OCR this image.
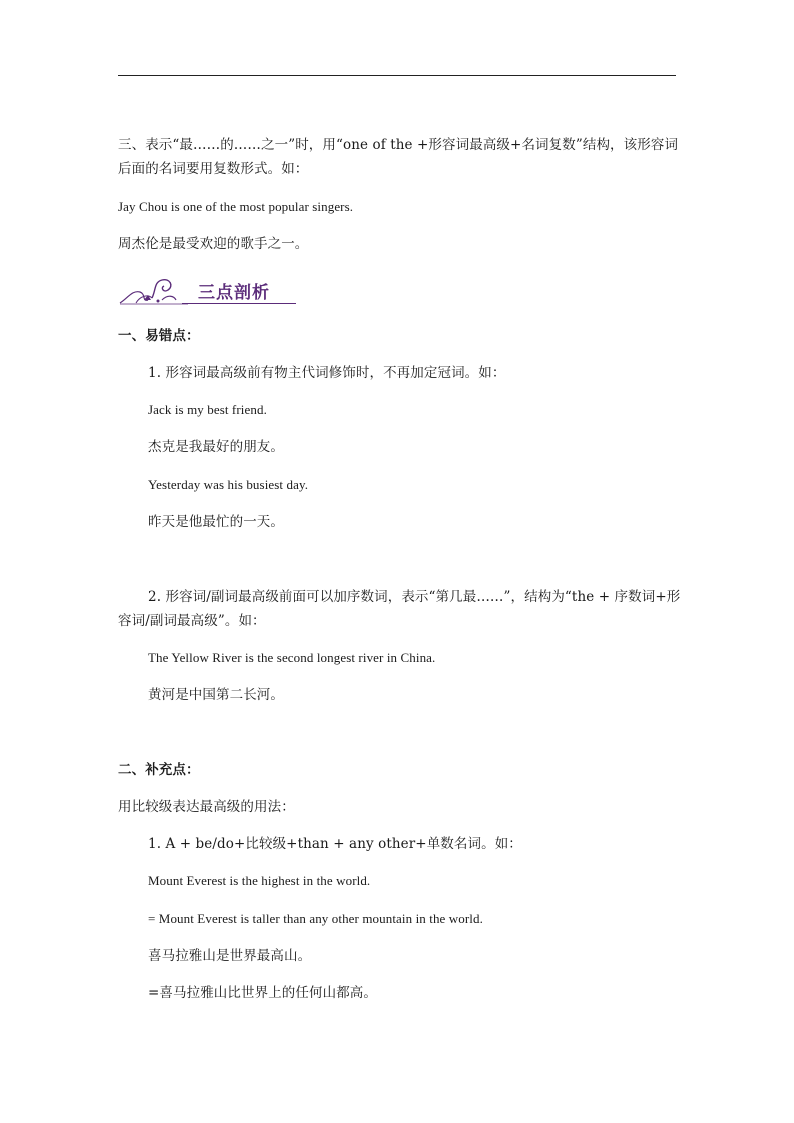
三、表示“最……的……之一”时，用“one of the +形容词最高级+名词复数”结构，该形容词
后面的名词要用复数形式。如：
Jay Chou is one of the most popular singers.
周杰伦是最受欢迎的歌手之一。
三点剖析
一、易错点：
1. 形容词最高级前有物主代词修饰时，不再加定冠词。如：
Jack is my best friend.
杰克是我最好的朋友。
Yesterday was his busiest day.
昨天是他最忙的一天。
2. 形容词/副词最高级前面可以加序数词，表示“第几最……”，结构为“the + 序数词+形
容词/副词最高级”。如：
The Yellow River is the second longest river in China.
黄河是中国第二长河。
二、补充点：
用比较级表达最高级的用法：
1. A + be/do+比较级+than + any other+单数名词。如：
Mount Everest is the highest in the world.
= Mount Everest is taller than any other mountain in the world.
喜马拉雅山是世界最高山。
=喜马拉雅山比世界上的任何山都高。
